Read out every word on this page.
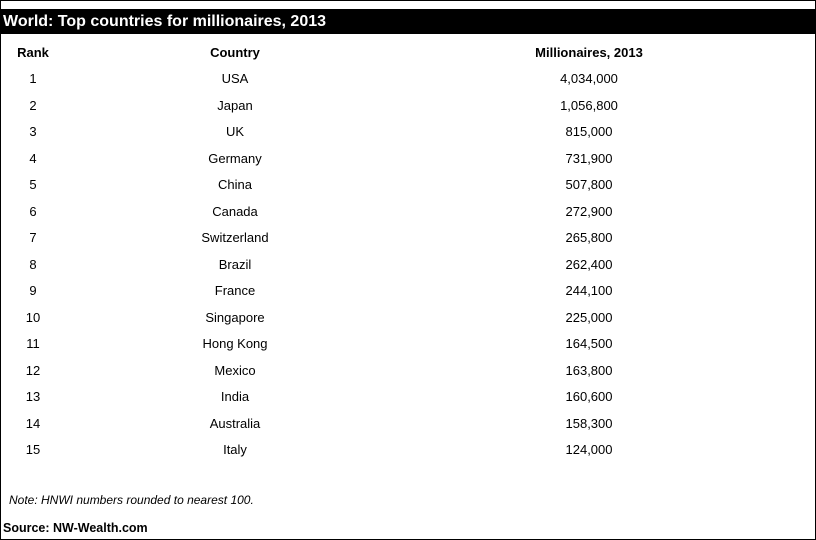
World: Top countries for millionaires, 2013
Rank	Country	Millionaires, 2013
1	USA	4,034,000
2	Japan	1,056,800
3	UK	815,000
4	Germany	731,900
5	China	507,800
6	Canada	272,900
7	Switzerland	265,800
8	Brazil	262,400
9	France	244,100
10	Singapore	225,000
11	Hong Kong	164,500
12	Mexico	163,800
13	India	160,600
14	Australia	158,300
15	Italy	124,000
Note: HNWI numbers rounded to nearest 100.
Source: NW-Wealth.com
